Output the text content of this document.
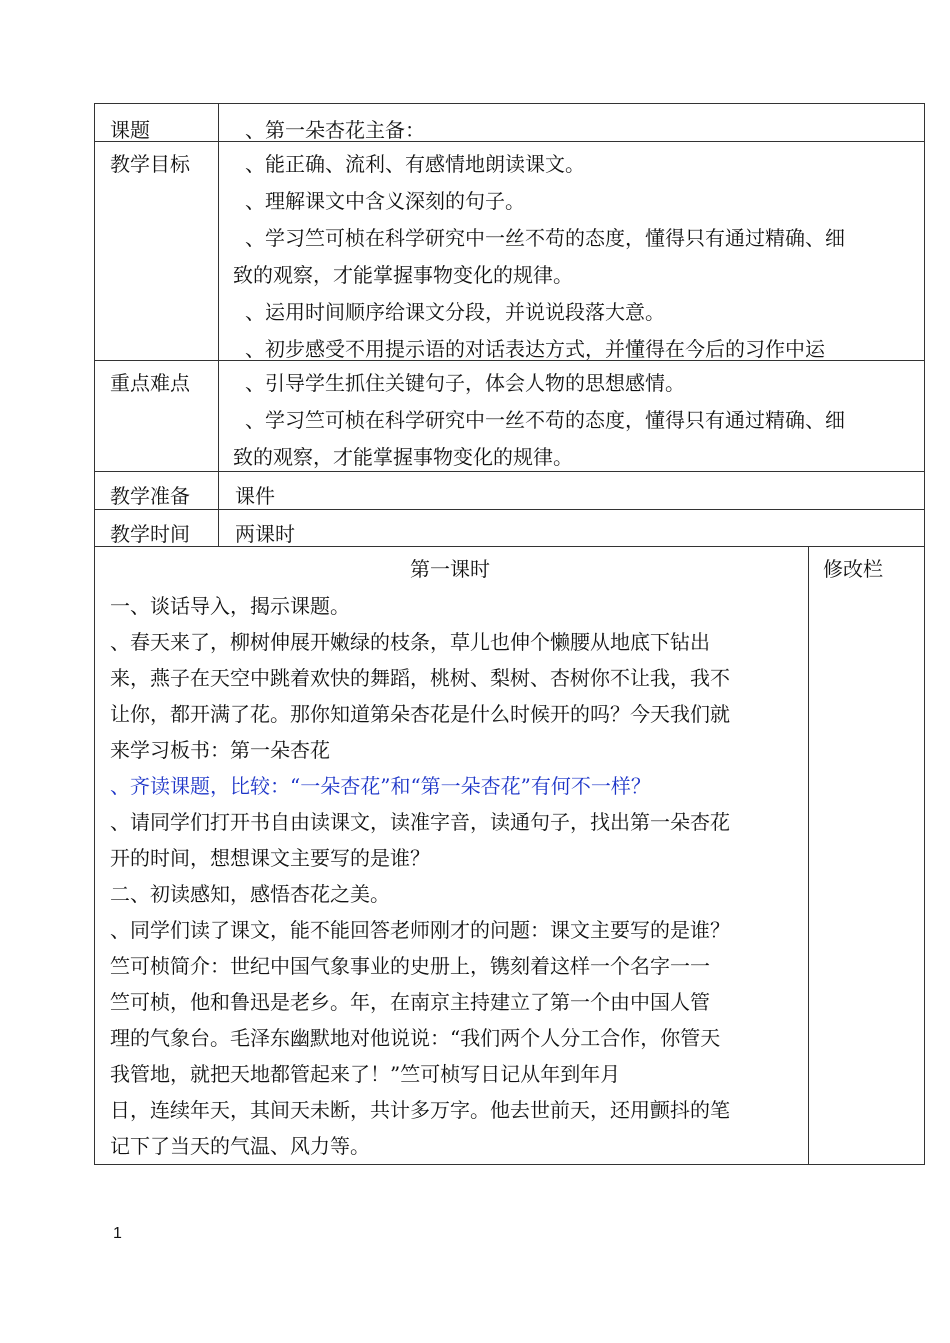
课题	、第一朵杏花主备：
教学目标	、能正确、流利、有感情地朗读课文。
、理解课文中含义深刻的句子。
、学习竺可桢在科学研究中一丝不苟的态度，懂得只有通过精确、细
致的观察，才能掌握事物变化的规律。
、运用时间顺序给课文分段，并说说段落大意。
、初步感受不用提示语的对话表达方式，并懂得在今后的习作中运
重点难点	、引导学生抓住关键句子，体会人物的思想感情。
、学习竺可桢在科学研究中一丝不苟的态度，懂得只有通过精确、细
致的观察，才能掌握事物变化的规律。
教学准备 课件
教学时间 两课时
第一课时	修改栏
一、谈话导入，揭示课题。
、春天来了，柳树伸展开嫩绿的枝条，草儿也伸个懒腰从地底下钻出
来，燕子在天空中跳着欢快的舞蹈，桃树、梨树、杏树你不让我，我不
让你，都开满了花。那你知道第朵杏花是什么时候开的吗？今天我们就
来学习板书：第一朵杏花
、齐读课题，比较：“一朵杏花”和“第一朵杏花”有何不一样？
、请同学们打开书自由读课文，读准字音，读通句子，找出第一朵杏花
开的时间，想想课文主要写的是谁？
二、初读感知，感悟杏花之美。
、同学们读了课文，能不能回答老师刚才的问题：课文主要写的是谁？
竺可桢简介：世纪中国气象事业的史册上，镌刻着这样一个名字一一
竺可桢，他和鲁迅是老乡。年，在南京主持建立了第一个由中国人管
理的气象台。毛泽东幽默地对他说说：“我们两个人分工合作，你管天
我管地，就把天地都管起来了！”竺可桢写日记从年到年月
日，连续年天，其间天未断，共计多万字。他去世前天，还用颤抖的笔
记下了当天的气温、风力等。
1
